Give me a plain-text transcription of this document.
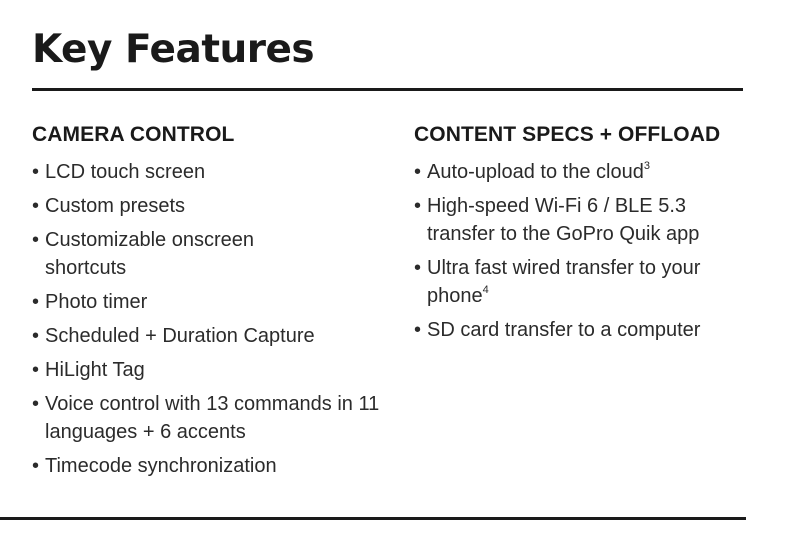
Key Features
CAMERA CONTROL
• LCD touch screen
• Custom presets
• Customizable onscreen shortcuts
• Photo timer
• Scheduled + Duration Capture
• HiLight Tag
• Voice control with 13 commands in 11 languages + 6 accents
• Timecode synchronization
CONTENT SPECS + OFFLOAD
• Auto-upload to the cloud$^3$
• High-speed Wi-Fi 6 / BLE 5.3 transfer to the GoPro Quik app
• Ultra fast wired transfer to your phone$^4$
• SD card transfer to a computer
